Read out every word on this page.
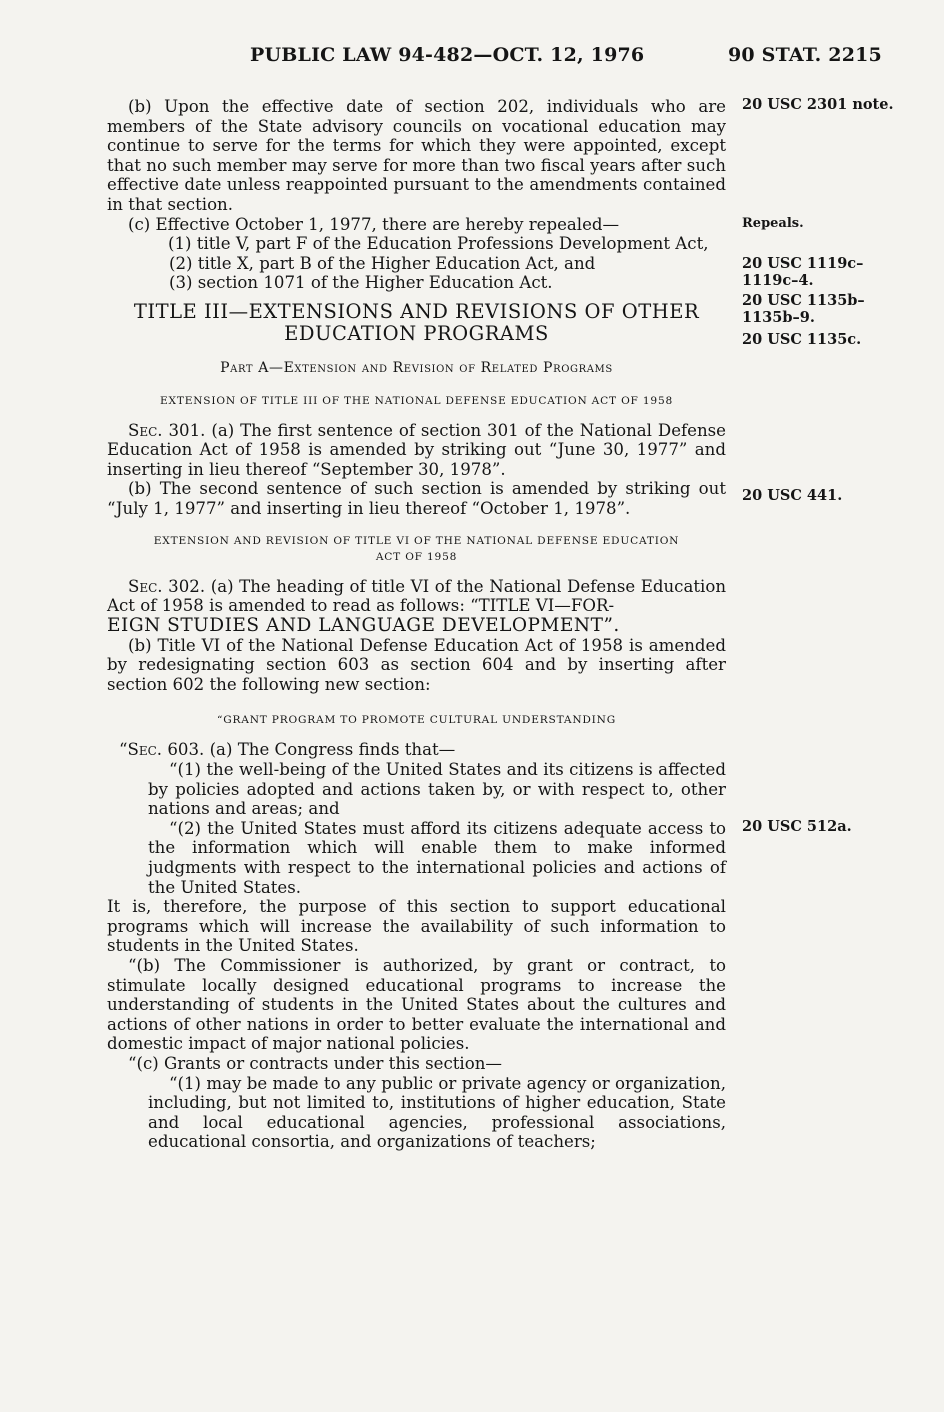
PUBLIC LAW 94-482—OCT. 12, 1976	90 STAT. 2215
20 USC 2301 note.
Repeals.
20 USC 1119c–1119c–4.
20 USC 1135b–1135b–9.
20 USC 1135c.
20 USC 441.
20 USC 512a.

(b) Upon the effective date of section 202, individuals who are members of the State advisory councils on vocational education may continue to serve for the terms for which they were appointed, except that no such member may serve for more than two fiscal years after such effective date unless reappointed pursuant to the amendments contained in that section.

(c) Effective October 1, 1977, there are hereby repealed—

(1) title V, part F of the Education Professions Development Act,

(2) title X, part B of the Higher Education Act, and

(3) section 1071 of the Higher Education Act.

TITLE III—EXTENSIONS AND REVISIONS OF OTHER EDUCATION PROGRAMS

Part A—Extension and Revision of Related Programs

EXTENSION OF TITLE III OF THE NATIONAL DEFENSE EDUCATION ACT OF 1958

Sec. 301. (a) The first sentence of section 301 of the National Defense Education Act of 1958 is amended by striking out “June 30, 1977” and inserting in lieu thereof “September 30, 1978”.

(b) The second sentence of such section is amended by striking out “July 1, 1977” and inserting in lieu thereof “October 1, 1978”.

EXTENSION AND REVISION OF TITLE VI OF THE NATIONAL DEFENSE EDUCATION ACT OF 1958

Sec. 302. (a) The heading of title VI of the National Defense Education Act of 1958 is amended to read as follows: “TITLE VI—FOR-

EIGN STUDIES AND LANGUAGE DEVELOPMENT”.

(b) Title VI of the National Defense Education Act of 1958 is amended by redesignating section 603 as section 604 and by inserting after section 602 the following new section:

“GRANT PROGRAM TO PROMOTE CULTURAL UNDERSTANDING

“Sec. 603. (a) The Congress finds that—

“(1) the well-being of the United States and its citizens is affected by policies adopted and actions taken by, or with respect to, other nations and areas; and

“(2) the United States must afford its citizens adequate access to the information which will enable them to make informed judgments with respect to the international policies and actions of the United States.

It is, therefore, the purpose of this section to support educational programs which will increase the availability of such information to students in the United States.

“(b) The Commissioner is authorized, by grant or contract, to stimulate locally designed educational programs to increase the understanding of students in the United States about the cultures and actions of other nations in order to better evaluate the international and domestic impact of major national policies.

“(c) Grants or contracts under this section—

“(1) may be made to any public or private agency or organization, including, but not limited to, institutions of higher education, State and local educational agencies, professional associations, educational consortia, and organizations of teachers;
